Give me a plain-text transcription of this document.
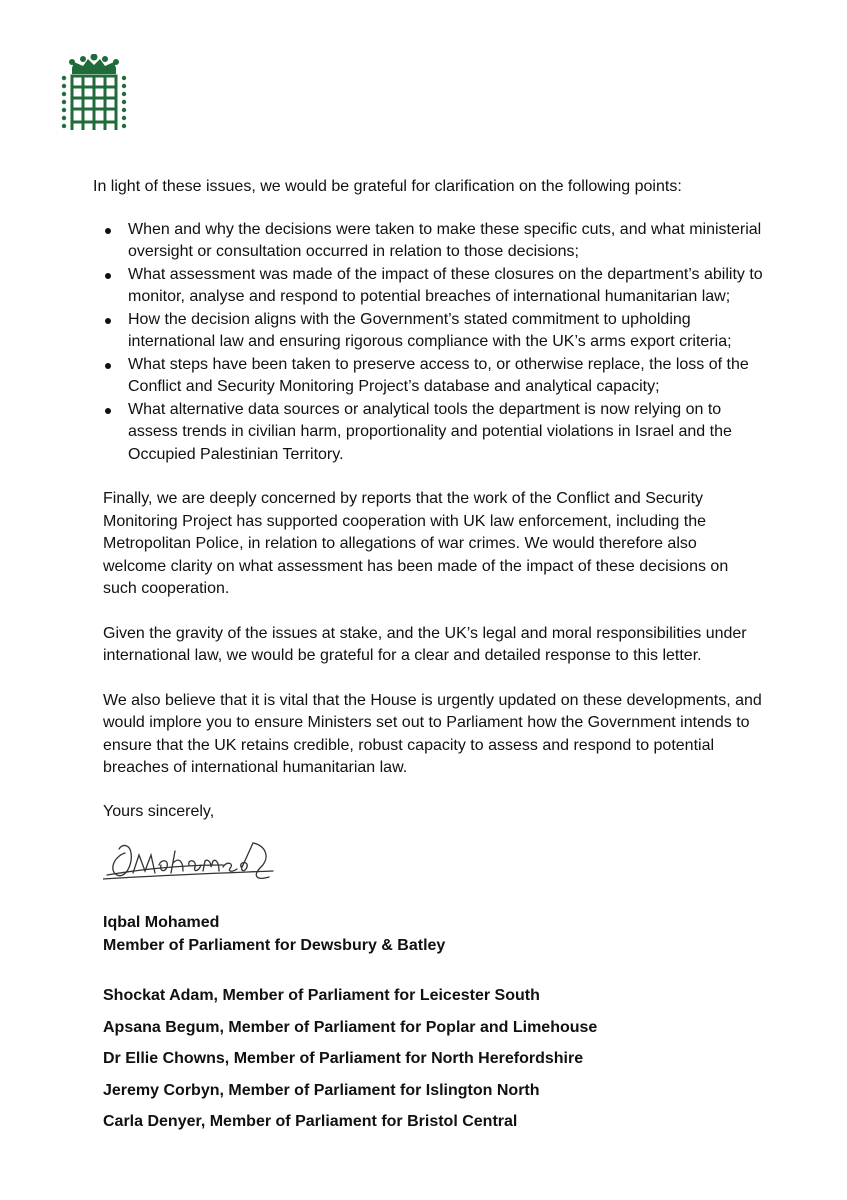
In light of these issues, we would be grateful for clarification on the following points:

When and why the decisions were taken to make these specific cuts, and what ministerial oversight or consultation occurred in relation to those decisions;
What assessment was made of the impact of these closures on the department’s ability to monitor, analyse and respond to potential breaches of international humanitarian law;
How the decision aligns with the Government’s stated commitment to upholding international law and ensuring rigorous compliance with the UK’s arms export criteria;
What steps have been taken to preserve access to, or otherwise replace, the loss of the Conflict and Security Monitoring Project’s database and analytical capacity;
What alternative data sources or analytical tools the department is now relying on to assess trends in civilian harm, proportionality and potential violations in Israel and the Occupied Palestinian Territory.

Finally, we are deeply concerned by reports that the work of the Conflict and Security Monitoring Project has supported cooperation with UK law enforcement, including the Metropolitan Police, in relation to allegations of war crimes. We would therefore also welcome clarity on what assessment has been made of the impact of these decisions on such cooperation.

Given the gravity of the issues at stake, and the UK’s legal and moral responsibilities under international law, we would be grateful for a clear and detailed response to this letter.

We also believe that it is vital that the House is urgently updated on these developments, and would implore you to ensure Ministers set out to Parliament how the Government intends to ensure that the UK retains credible, robust capacity to assess and respond to potential breaches of international humanitarian law.

Yours sincerely,

Iqbal Mohamed
Member of Parliament for Dewsbury & Batley

Shockat Adam, Member of Parliament for Leicester South
Apsana Begum, Member of Parliament for Poplar and Limehouse
Dr Ellie Chowns, Member of Parliament for North Herefordshire
Jeremy Corbyn, Member of Parliament for Islington North
Carla Denyer, Member of Parliament for Bristol Central
